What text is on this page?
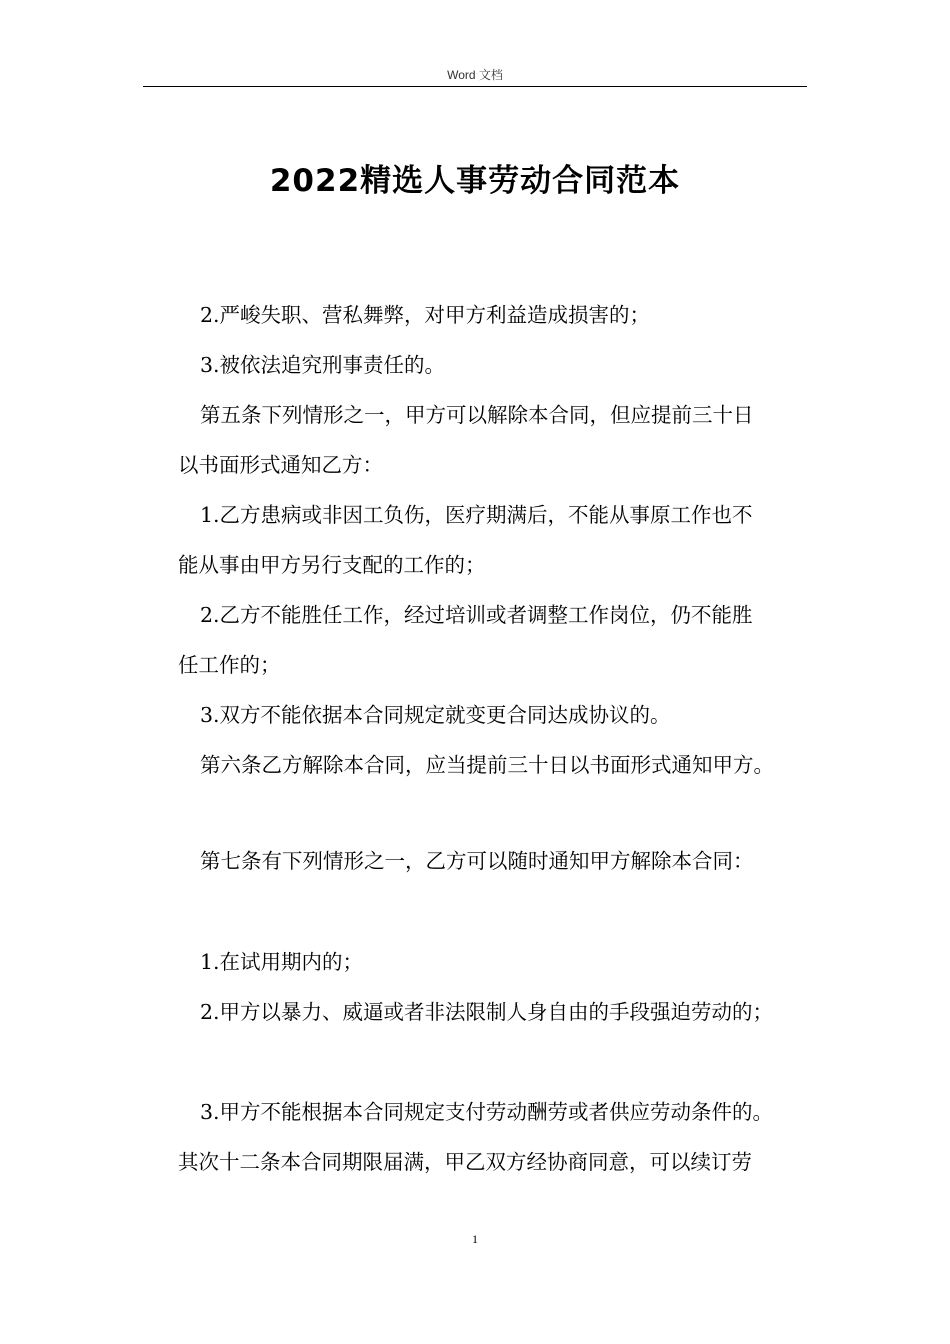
Word 文档
2022精选人事劳动合同范本
2.严峻失职、营私舞弊，对甲方利益造成损害的；
3.被依法追究刑事责任的。
第五条下列情形之一，甲方可以解除本合同，但应提前三十日
以书面形式通知乙方：
1.乙方患病或非因工负伤，医疗期满后，不能从事原工作也不
能从事由甲方另行支配的工作的；
2.乙方不能胜任工作，经过培训或者调整工作岗位，仍不能胜
任工作的；
3.双方不能依据本合同规定就变更合同达成协议的。
第六条乙方解除本合同，应当提前三十日以书面形式通知甲方。
第七条有下列情形之一，乙方可以随时通知甲方解除本合同：
1.在试用期内的；
2.甲方以暴力、威逼或者非法限制人身自由的手段强迫劳动的；
3.甲方不能根据本合同规定支付劳动酬劳或者供应劳动条件的。
其次十二条本合同期限届满，甲乙双方经协商同意，可以续订劳
1
